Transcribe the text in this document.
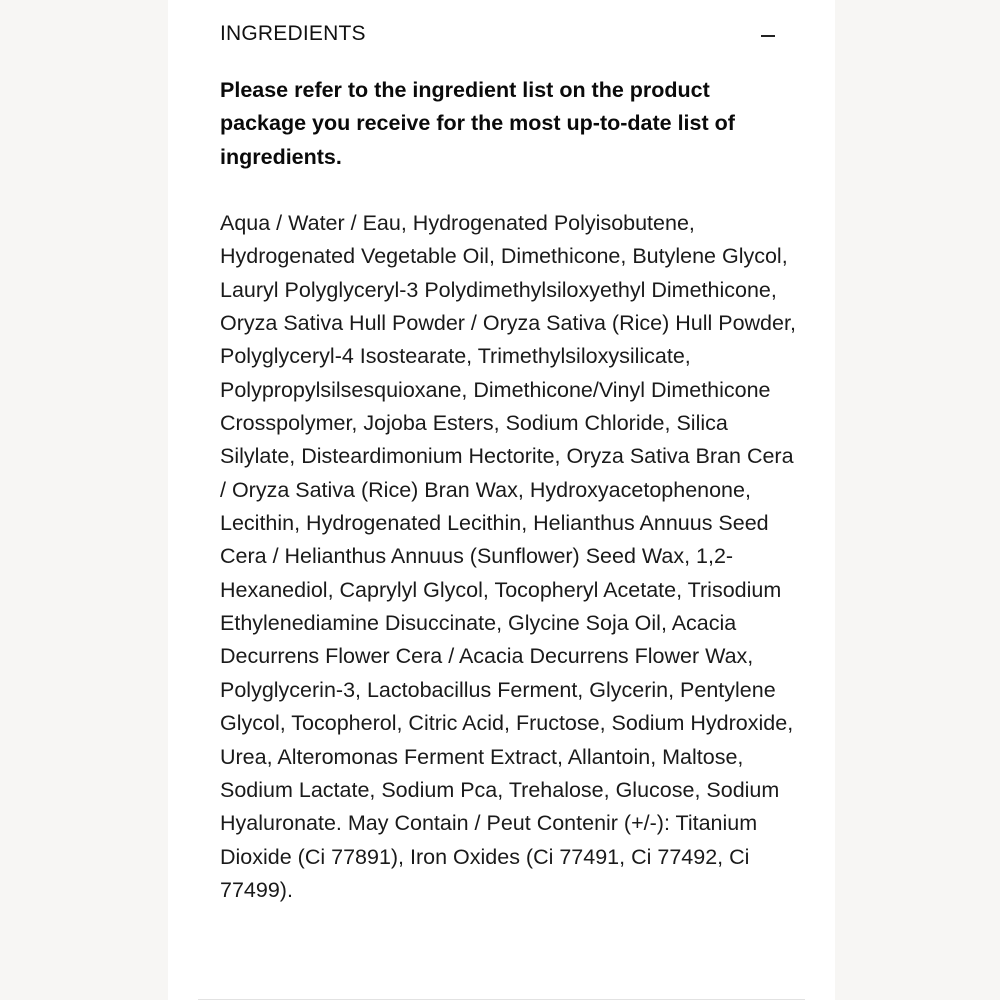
INGREDIENTS

Please refer to the ingredient list on the product package you receive for the most up-to-date list of ingredients.

Aqua / Water / Eau, Hydrogenated Polyisobutene, Hydrogenated Vegetable Oil, Dimethicone, Butylene Glycol, Lauryl Polyglyceryl-3 Polydimethylsiloxyethyl Dimethicone, Oryza Sativa Hull Powder / Oryza Sativa (Rice) Hull Powder, Polyglyceryl-4 Isostearate, Trimethylsiloxysilicate, Polypropylsilsesquioxane, Dimethicone/Vinyl Dimethicone Crosspolymer, Jojoba Esters, Sodium Chloride, Silica Silylate, Disteardimonium Hectorite, Oryza Sativa Bran Cera / Oryza Sativa (Rice) Bran Wax, Hydroxyacetophenone, Lecithin, Hydrogenated Lecithin, Helianthus Annuus Seed Cera / Helianthus Annuus (Sunflower) Seed Wax, 1,2-Hexanediol, Caprylyl Glycol, Tocopheryl Acetate, Trisodium Ethylenediamine Disuccinate, Glycine Soja Oil, Acacia Decurrens Flower Cera / Acacia Decurrens Flower Wax, Polyglycerin-3, Lactobacillus Ferment, Glycerin, Pentylene Glycol, Tocopherol, Citric Acid, Fructose, Sodium Hydroxide, Urea, Alteromonas Ferment Extract, Allantoin, Maltose, Sodium Lactate, Sodium Pca, Trehalose, Glucose, Sodium Hyaluronate. May Contain / Peut Contenir (+/-): Titanium Dioxide (Ci 77891), Iron Oxides (Ci 77491, Ci 77492, Ci 77499).
